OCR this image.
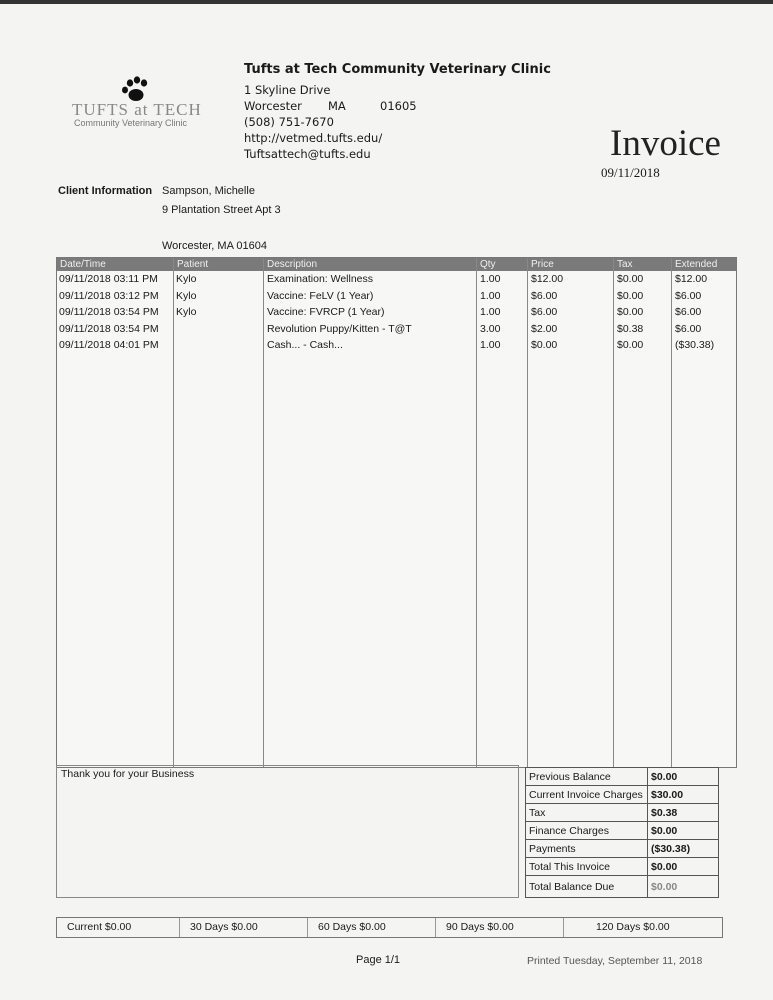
TUFTS at TECH
Community Veterinary Clinic
Tufts at Tech Community Veterinary Clinic
1 Skyline Drive
Worcester MA	01605
(508) 751-7670
http://vetmed.tufts.edu/
Tuftsattech@tufts.edu	Invoice
09/11/2018
Client Information Sampson, Michelle
9 Plantation Street Apt 3
Worcester, MA 01604
Date/Time	Patient	Description	Qty	Price	Tax	Extended
09/11/2018 03:11 PM Kylo	Examination: Wellness	1.00	$12.00	$0.00	$12.00
09/11/2018 03:12 PM Kylo	Vaccine: FeLV (1 Year)	1.00	$6.00	$0.00	$6.00
09/11/2018 03:54 PM Kylo	Vaccine: FVRCP (1 Year)	1.00	$6.00	$0.00	$6.00
09/11/2018 03:54 PM	Revolution Puppy/Kitten - T@T	3.00	$2.00	$0.38	$6.00
09/11/2018 04:01 PM	Cash... - Cash...	1.00	$0.00	$0.00	($30.38)
Thank you for your Business	Previous Balance	$0.00
Current Invoice Charges	$30.00
Tax	$0.38
Finance Charges	$0.00
Payments	($30.38)
Total This Invoice	$0.00
Total Balance Due	$0.00
Current $0.00	30 Days $0.00	60 Days $0.00	90 Days $0.00	120 Days $0.00
Page 1/1	Printed Tuesday, September 11, 2018
